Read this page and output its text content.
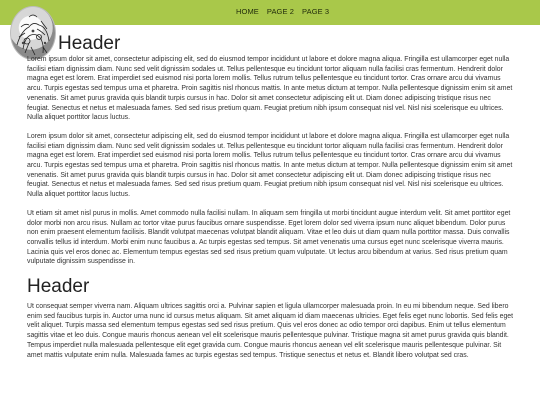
HOME PAGE 2 PAGE 3
Header

Lorem ipsum dolor sit amet, consectetur adipiscing elit, sed do eiusmod tempor incididunt ut labore et dolore magna aliqua. Fringilla est ullamcorper eget nulla facilisi etiam dignissim diam. Nunc sed velit dignissim sodales ut. Tellus pellentesque eu tincidunt tortor aliquam nulla facilisi cras fermentum. Hendrerit dolor magna eget est lorem. Erat imperdiet sed euismod nisi porta lorem mollis. Tellus rutrum tellus pellentesque eu tincidunt tortor. Cras ornare arcu dui vivamus arcu. Turpis egestas sed tempus urna et pharetra. Proin sagittis nisl rhoncus mattis. In ante metus dictum at tempor. Nulla pellentesque dignissim enim sit amet venenatis. Sit amet purus gravida quis blandit turpis cursus in hac. Dolor sit amet consectetur adipiscing elit ut. Diam donec adipiscing tristique risus nec feugiat. Senectus et netus et malesuada fames. Sed sed risus pretium quam. Feugiat pretium nibh ipsum consequat nisl vel. Nisl nisi scelerisque eu ultrices. Nulla aliquet porttitor lacus luctus.

Lorem ipsum dolor sit amet, consectetur adipiscing elit, sed do eiusmod tempor incididunt ut labore et dolore magna aliqua. Fringilla est ullamcorper eget nulla facilisi etiam dignissim diam. Nunc sed velit dignissim sodales ut. Tellus pellentesque eu tincidunt tortor aliquam nulla facilisi cras fermentum. Hendrerit dolor magna eget est lorem. Erat imperdiet sed euismod nisi porta lorem mollis. Tellus rutrum tellus pellentesque eu tincidunt tortor. Cras ornare arcu dui vivamus arcu. Turpis egestas sed tempus urna et pharetra. Proin sagittis nisl rhoncus mattis. In ante metus dictum at tempor. Nulla pellentesque dignissim enim sit amet venenatis. Sit amet purus gravida quis blandit turpis cursus in hac. Dolor sit amet consectetur adipiscing elit ut. Diam donec adipiscing tristique risus nec feugiat. Senectus et netus et malesuada fames. Sed sed risus pretium quam. Feugiat pretium nibh ipsum consequat nisl vel. Nisl nisi scelerisque eu ultrices. Nulla aliquet porttitor lacus luctus.

Ut etiam sit amet nisl purus in mollis. Amet commodo nulla facilisi nullam. In aliquam sem fringilla ut morbi tincidunt augue interdum velit. Sit amet porttitor eget dolor morbi non arcu risus. Nullam ac tortor vitae purus faucibus ornare suspendisse. Eget lorem dolor sed viverra ipsum nunc aliquet bibendum. Dolor purus non enim praesent elementum facilisis. Blandit volutpat maecenas volutpat blandit aliquam. Vitae et leo duis ut diam quam nulla porttitor massa. Duis convallis convallis tellus id interdum. Morbi enim nunc faucibus a. Ac turpis egestas sed tempus. Sit amet venenatis urna cursus eget nunc scelerisque viverra mauris. Lacinia quis vel eros donec ac. Elementum tempus egestas sed sed risus pretium quam vulputate. Ut lectus arcu bibendum at varius. Sed risus pretium quam vulputate dignissim suspendisse in.

Header

Ut consequat semper viverra nam. Aliquam ultrices sagittis orci a. Pulvinar sapien et ligula ullamcorper malesuada proin. In eu mi bibendum neque. Sed libero enim sed faucibus turpis in. Auctor urna nunc id cursus metus aliquam. Sit amet aliquam id diam maecenas ultricies. Eget felis eget nunc lobortis. Sed felis eget velit aliquet. Turpis massa sed elementum tempus egestas sed sed risus pretium. Quis vel eros donec ac odio tempor orci dapibus. Enim ut tellus elementum sagittis vitae et leo duis. Congue mauris rhoncus aenean vel elit scelerisque mauris pellentesque pulvinar. Tristique magna sit amet purus gravida quis blandit. Tempus imperdiet nulla malesuada pellentesque elit eget gravida cum. Congue mauris rhoncus aenean vel elit scelerisque mauris pellentesque pulvinar. Sit amet mattis vulputate enim nulla. Malesuada fames ac turpis egestas sed tempus. Tristique senectus et netus et. Blandit libero volutpat sed cras.
